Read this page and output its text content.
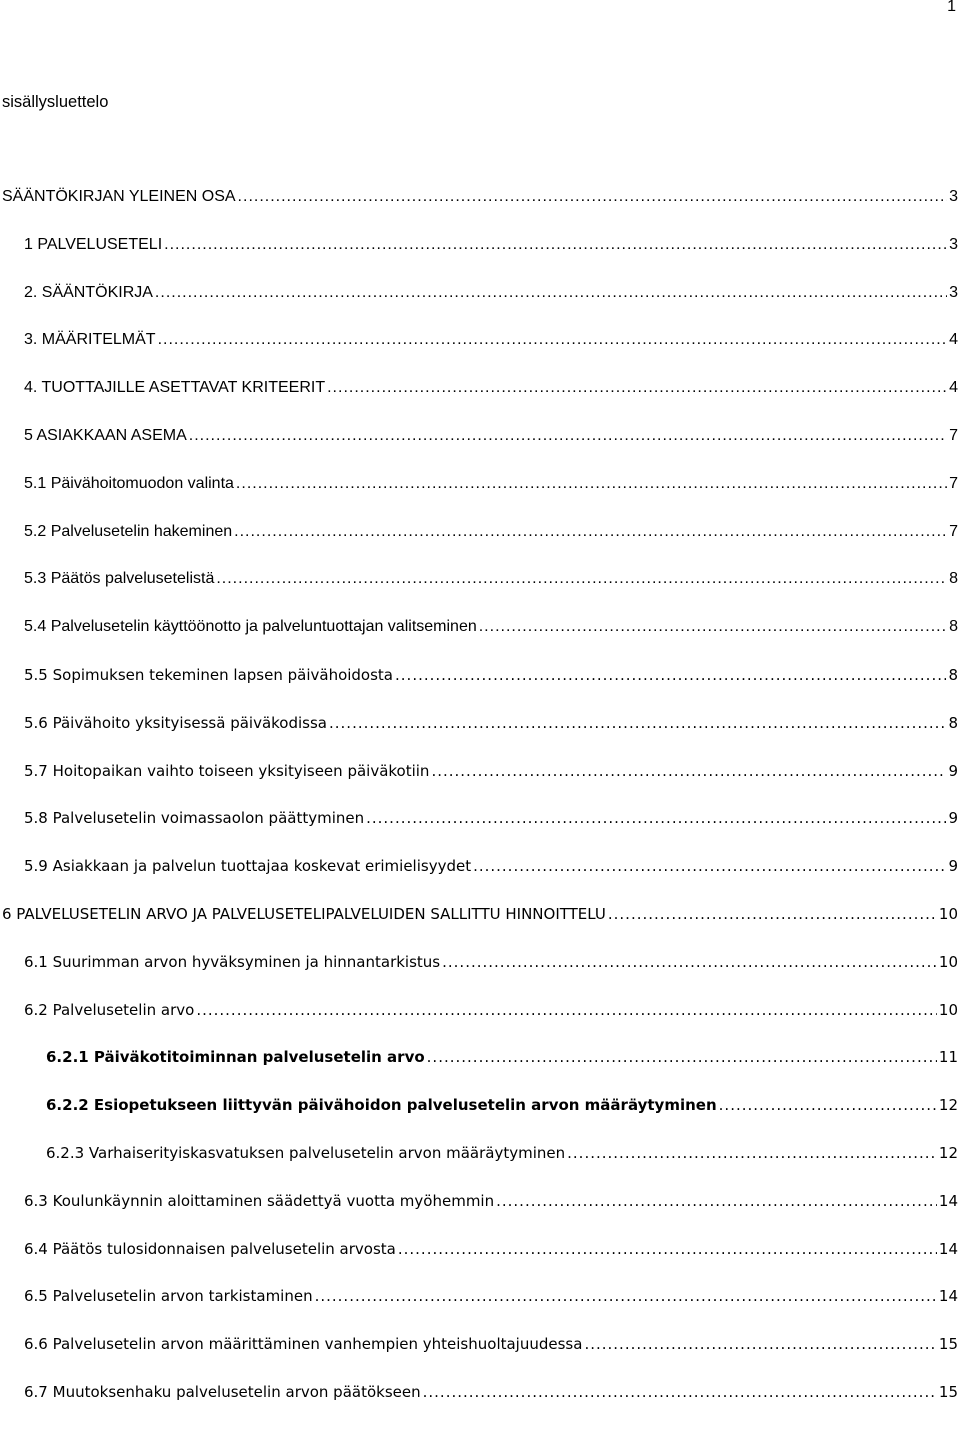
1
sisällysluettelo
SÄÄNTÖKIRJAN YLEINEN OSA .....	3
1 PALVELUSETELI .....	3
2. SÄÄNTÖKIRJA .....	3
3. MÄÄRITELMÄT .....	4
4. TUOTTAJILLE ASETTAVAT KRITEERIT .....	4
5 ASIAKKAAN ASEMA .....	7
5.1 Päivähoitomuodon valinta .....	7
5.2 Palvelusetelin hakeminen .....	7
5.3 Päätös palvelusetelistä .....	8
5.4 Palvelusetelin käyttöönotto ja palveluntuottajan valitseminen .....	8
5.5 Sopimuksen tekeminen lapsen päivähoidosta .....	8
5.6 Päivähoito yksityisessä päiväkodissa .....	8
5.7 Hoitopaikan vaihto toiseen yksityiseen päiväkotiin .....	9
5.8 Palvelusetelin voimassaolon päättyminen .....	9
5.9 Asiakkaan ja palvelun tuottajaa koskevat erimielisyydet .....	9
6 PALVELUSETELIN ARVO JA PALVELUSETELIPALVELUIDEN SALLITTU HINNOITTELU .....	10
6.1 Suurimman arvon hyväksyminen ja hinnantarkistus .....	10
6.2 Palvelusetelin arvo .....	10
6.2.1 Päiväkotitoiminnan palvelusetelin arvo .....	11
6.2.2 Esiopetukseen liittyvän päivähoidon palvelusetelin arvon määräytyminen .....	12
6.2.3 Varhaiserityiskasvatuksen palvelusetelin arvon määräytyminen .....	12
6.3 Koulunkäynnin aloittaminen säädettyä vuotta myöhemmin .....	14
6.4 Päätös tulosidonnaisen palvelusetelin arvosta .....	14
6.5 Palvelusetelin arvon tarkistaminen .....	14
6.6 Palvelusetelin arvon määrittäminen vanhempien yhteishuoltajuudessa .....	15
6.7 Muutoksenhaku palvelusetelin arvon päätökseen .....	15
